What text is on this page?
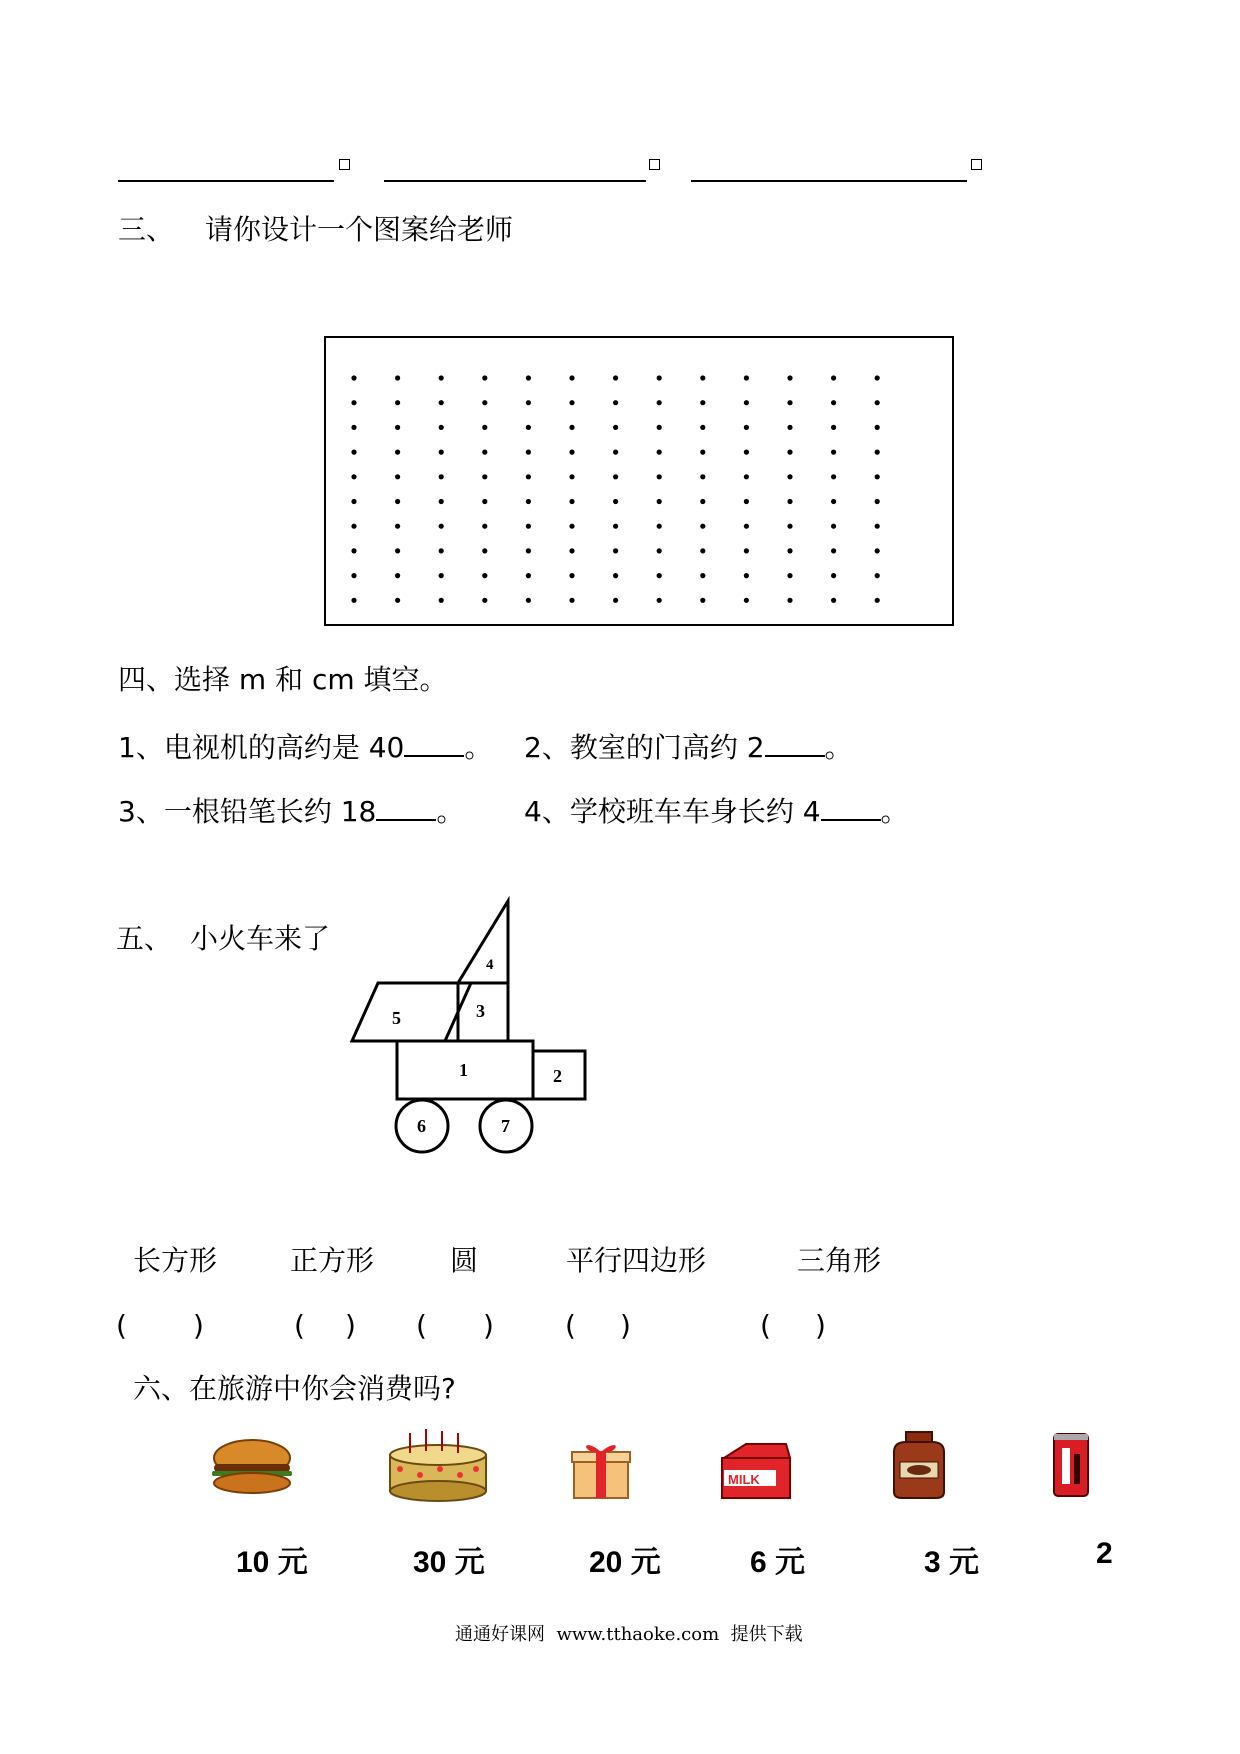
三、 请你设计一个图案给老师
四、选择 m 和 cm 填空。
1、电视机的高约是 40 。 2、教室的门高约 2 。
3、一根铅笔长约 18 。 4、学校班车车身长约 4 。
五、 小火车来了
1	2
3
4
5
6	7
长方形	正方形	圆	平行四边形	三角形
( )	( ) ( )	( )	( )
六、在旅游中你会消费吗?
MILK
10 元	30 元	20 元	6 元	3 元	2
通通好课网  www.tthaoke.com  提供下载
